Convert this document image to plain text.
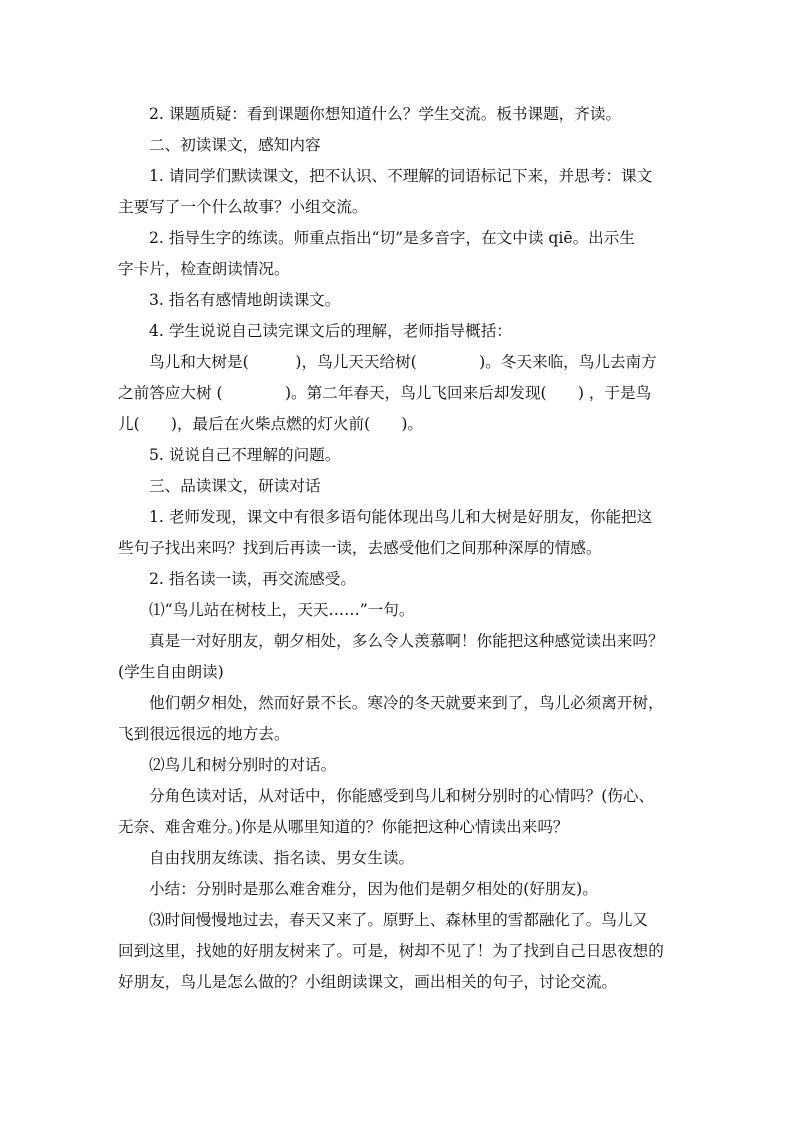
2. 课题质疑：看到课题你想知道什么？学生交流。板书课题，齐读。

二、初读课文，感知内容

1. 请同学们默读课文，把不认识、不理解的词语标记下来，并思考：课文

主要写了一个什么故事？小组交流。

2. 指导生字的练读。师重点指出“切”是多音字，在文中读 qiē。出示生

字卡片，检查朗读情况。

3. 指名有感情地朗读课文。

4. 学生说说自己读完课文后的理解，老师指导概括：

鸟儿和大树是(　　　)，鸟儿天天给树(　　　　)。冬天来临，鸟儿去南方

之前答应大树 (　　　　)。第二年春天，鸟儿飞回来后却发现(　　) ，于是鸟

儿(　　)，最后在火柴点燃的灯火前(　　)。

5. 说说自己不理解的问题。

三、品读课文，研读对话

1. 老师发现，课文中有很多语句能体现出鸟儿和大树是好朋友，你能把这

些句子找出来吗？找到后再读一读，去感受他们之间那种深厚的情感。

2. 指名读一读，再交流感受。

⑴“鸟儿站在树枝上，天天……”一句。

真是一对好朋友，朝夕相处，多么令人羡慕啊！你能把这种感觉读出来吗？

(学生自由朗读)

他们朝夕相处，然而好景不长。寒冷的冬天就要来到了，鸟儿必须离开树，

飞到很远很远的地方去。

⑵鸟儿和树分别时的对话。

分角色读对话，从对话中，你能感受到鸟儿和树分别时的心情吗？(伤心、

无奈、难舍难分。)你是从哪里知道的？你能把这种心情读出来吗？

自由找朋友练读、指名读、男女生读。

小结：分别时是那么难舍难分，因为他们是朝夕相处的(好朋友)。

⑶时间慢慢地过去，春天又来了。原野上、森林里的雪都融化了。鸟儿又

回到这里，找她的好朋友树来了。可是，树却不见了！为了找到自己日思夜想的

好朋友，鸟儿是怎么做的？小组朗读课文，画出相关的句子，讨论交流。
